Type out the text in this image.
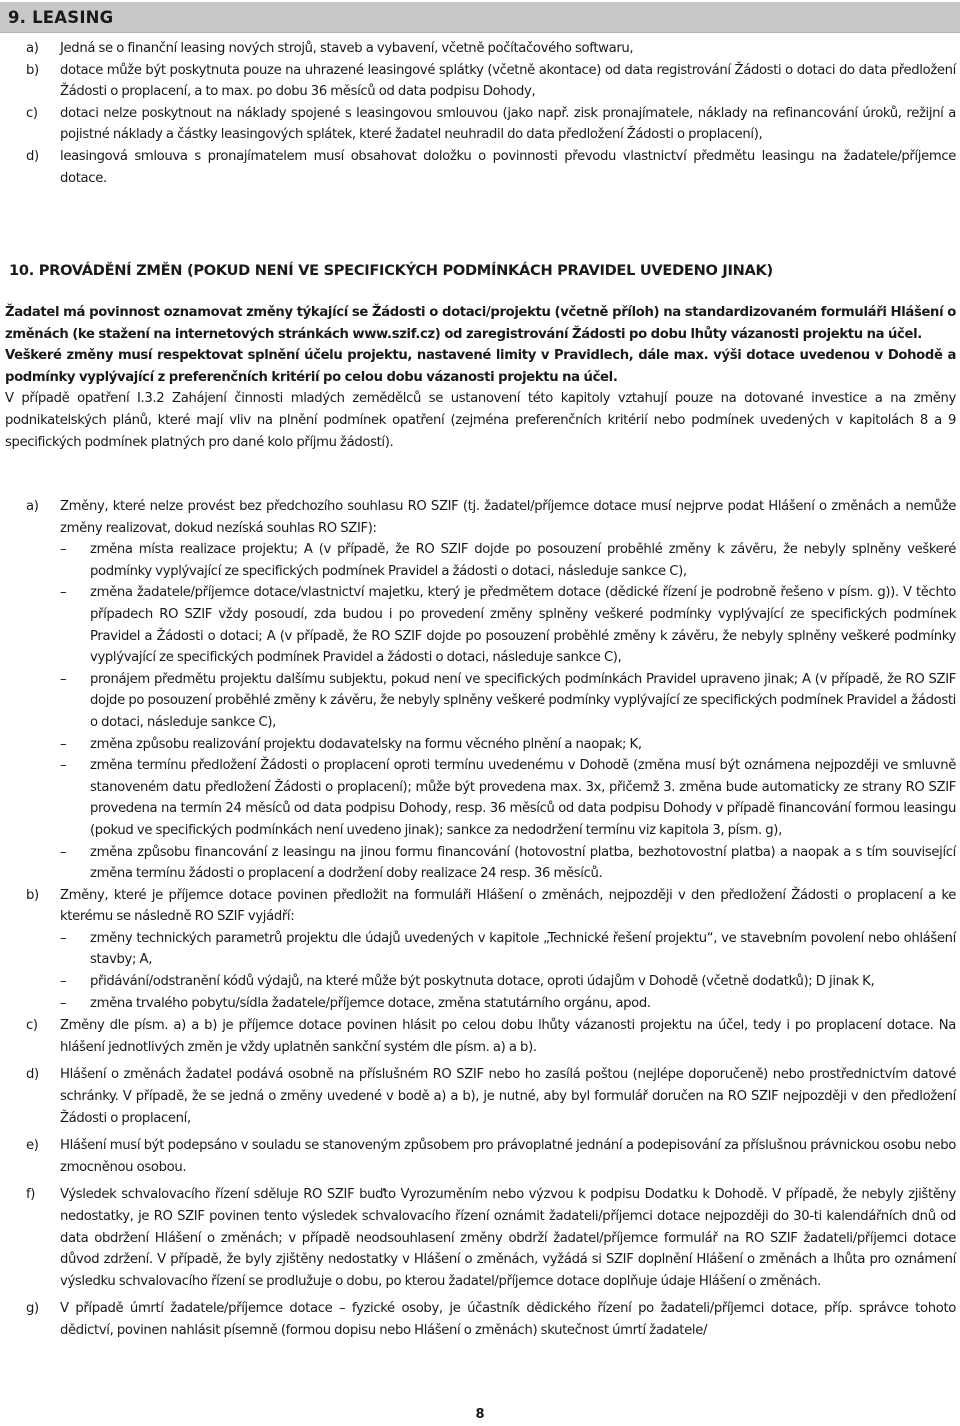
9. LEASING
a)	Jedná se o finanční leasing nových strojů, staveb a vybavení, včetně počítačového softwaru,
b)	dotace může být poskytnuta pouze na uhrazené leasingové splátky (včetně akontace) od data registrování Žádosti o dotaci do data předložení Žádosti o proplacení, a to max. po dobu 36 měsíců od data podpisu Dohody,
c)	dotaci nelze poskytnout na náklady spojené s leasingovou smlouvou (jako např. zisk pronajímatele, náklady na refinancování úroků, režijní a pojistné náklady a částky leasingových splátek, které žadatel neuhradil do data předložení Žádosti o proplacení),
d)	leasingová smlouva s pronajímatelem musí obsahovat doložku o povinnosti převodu vlastnictví předmětu leasingu na žadatele/příjemce dotace.
10. PROVÁDĚNÍ ZMĚN (POKUD NENÍ VE SPECIFICKÝCH PODMÍNKÁCH PRAVIDEL UVEDENO JINAK)
Žadatel má povinnost oznamovat změny týkající se Žádosti o dotaci/projektu (včetně příloh) na standardizovaném formuláři Hlášení o změnách (ke stažení na internetových stránkách www.szif.cz) od zaregistrování Žádosti po dobu lhůty vázanosti projektu na účel.
Veškeré změny musí respektovat splnění účelu projektu, nastavené limity v Pravidlech, dále max. výši dotace uvedenou v Dohodě a podmínky vyplývající z preferenčních kritérií po celou dobu vázanosti projektu na účel.
V případě opatření I.3.2 Zahájení činnosti mladých zemědělců se ustanovení této kapitoly vztahují pouze na dotované investice a na změny podnikatelských plánů, které mají vliv na plnění podmínek opatření (zejména preferenčních kritérií nebo podmínek uvedených v kapitolách 8 a 9 specifických podmínek platných pro dané kolo příjmu žádostí).
a)	Změny, které nelze provést bez předchozího souhlasu RO SZIF (tj. žadatel/příjemce dotace musí nejprve podat Hlášení o změnách a nemůže změny realizovat, dokud nezíská souhlas RO SZIF):
–	změna místa realizace projektu; A (v případě, že RO SZIF dojde po posouzení proběhlé změny k závěru, že nebyly splněny veškeré podmínky vyplývající ze specifických podmínek Pravidel a žádosti o dotaci, následuje sankce C),
–	změna žadatele/příjemce dotace/vlastnictví majetku, který je předmětem dotace (dědické řízení je podrobně řešeno v písm. g)). V těchto případech RO SZIF vždy posoudí, zda budou i po provedení změny splněny veškeré podmínky vyplývající ze specifických podmínek Pravidel a Žádosti o dotaci; A (v případě, že RO SZIF dojde po posouzení proběhlé změny k závěru, že nebyly splněny veškeré podmínky vyplývající ze specifických podmínek Pravidel a žádosti o dotaci, následuje sankce C),
–	pronájem předmětu projektu dalšímu subjektu, pokud není ve specifických podmínkách Pravidel upraveno jinak; A (v případě, že RO SZIF dojde po posouzení proběhlé změny k závěru, že nebyly splněny veškeré podmínky vyplývající ze specifických podmínek Pravidel a žádosti o dotaci, následuje sankce C),
–	změna způsobu realizování projektu dodavatelsky na formu věcného plnění a naopak; K,
–	změna termínu předložení Žádosti o proplacení oproti termínu uvedenému v Dohodě (změna musí být oznámena nejpozději ve smluvně stanoveném datu předložení Žádosti o proplacení); může být provedena max. 3x, přičemž 3. změna bude automaticky ze strany RO SZIF provedena na termín 24 měsíců od data podpisu Dohody, resp. 36 měsíců od data podpisu Dohody v případě financování formou leasingu (pokud ve specifických podmínkách není uvedeno jinak); sankce za nedodržení termínu viz kapitola 3, písm. g),
–	změna způsobu financování z leasingu na jinou formu financování (hotovostní platba, bezhotovostní platba) a naopak a s tím související změna termínu žádosti o proplacení a dodržení doby realizace 24 resp. 36 měsíců.
b)	Změny, které je příjemce dotace povinen předložit na formuláři Hlášení o změnách, nejpozději v den předložení Žádosti o proplacení a ke kterému se následně RO SZIF vyjádří:
–	změny technických parametrů projektu dle údajů uvedených v kapitole „Technické řešení projektu“, ve stavebním povolení nebo ohlášení stavby; A,
–	přidávání/odstranění kódů výdajů, na které může být poskytnuta dotace, oproti údajům v Dohodě (včetně dodatků); D jinak K,
–	změna trvalého pobytu/sídla žadatele/příjemce dotace, změna statutárního orgánu, apod.
c)	Změny dle písm. a) a b) je příjemce dotace povinen hlásit po celou dobu lhůty vázanosti projektu na účel, tedy i po proplacení dotace. Na hlášení jednotlivých změn je vždy uplatněn sankční systém dle písm. a) a b).
d)	Hlášení o změnách žadatel podává osobně na příslušném RO SZIF nebo ho zasílá poštou (nejlépe doporučeně) nebo prostřednictvím datové schránky. V případě, že se jedná o změny uvedené v bodě a) a b), je nutné, aby byl formulář doručen na RO SZIF nejpozději v den předložení Žádosti o proplacení,
e)	Hlášení musí být podepsáno v souladu se stanoveným způsobem pro právoplatné jednání a podepisování za příslušnou právnickou osobu nebo zmocněnou osobou.
f)	Výsledek schvalovacího řízení sděluje RO SZIF buďto Vyrozuměním nebo výzvou k podpisu Dodatku k Dohodě. V případě, že nebyly zjištěny nedostatky, je RO SZIF povinen tento výsledek schvalovacího řízení oznámit žadateli/příjemci dotace nejpozději do 30-ti kalendářních dnů od data obdržení Hlášení o změnách; v případě neodsouhlasení změny obdrží žadatel/příjemce formulář na RO SZIF žadateli/příjemci dotace důvod zdržení. V případě, že byly zjištěny nedostatky v Hlášení o změnách, vyžádá si SZIF doplnění Hlášení o změnách a lhůta pro oznámení výsledku schvalovacího řízení se prodlužuje o dobu, po kterou žadatel/příjemce dotace doplňuje údaje Hlášení o změnách.
g)	V případě úmrtí žadatele/příjemce dotace – fyzické osoby, je účastník dědického řízení po žadateli/příjemci dotace, příp. správce tohoto dědictví, povinen nahlásit písemně (formou dopisu nebo Hlášení o změnách) skutečnost úmrtí žadatele/
8
